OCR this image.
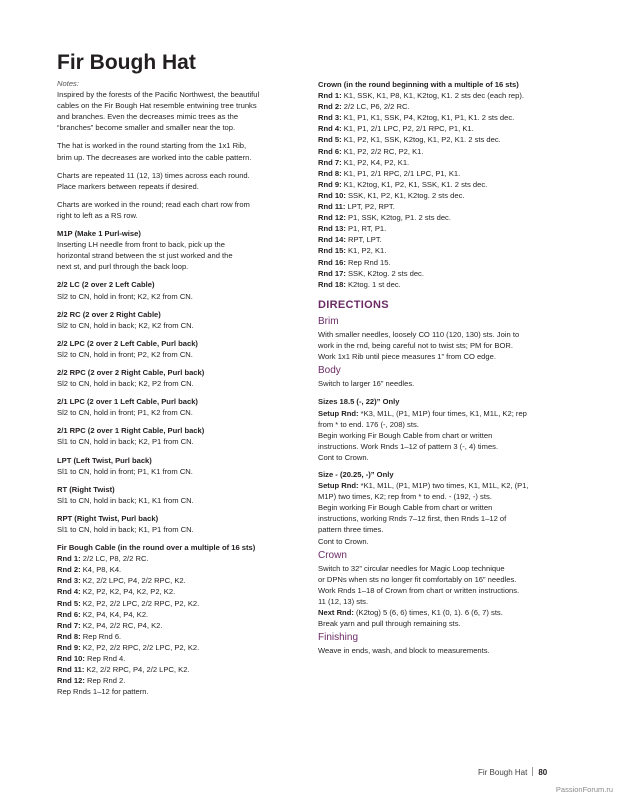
Fir Bough Hat

Notes:

Inspired by the forests of the Pacific Northwest, the beautiful
cables on the Fir Bough Hat resemble entwining tree trunks
and branches. Even the decreases mimic trees as the
“branches” become smaller and smaller near the top.

The hat is worked in the round starting from the 1x1 Rib,
brim up. The decreases are worked into the cable pattern.

Charts are repeated 11 (12, 13) times across each round.
Place markers between repeats if desired.

Charts are worked in the round; read each chart row from
right to left as a RS row.

M1P (Make 1 Purl-wise)
Inserting LH needle from front to back, pick up the
horizontal strand between the st just worked and the
next st, and purl through the back loop.
2/2 LC (2 over 2 Left Cable)
Sl2 to CN, hold in front; K2, K2 from CN.
2/2 RC (2 over 2 Right Cable)
Sl2 to CN, hold in back; K2, K2 from CN.
2/2 LPC (2 over 2 Left Cable, Purl back)
Sl2 to CN, hold in front; P2, K2 from CN.
2/2 RPC (2 over 2 Right Cable, Purl back)
Sl2 to CN, hold in back; K2, P2 from CN.
2/1 LPC (2 over 1 Left Cable, Purl back)
Sl2 to CN, hold in front; P1, K2 from CN.
2/1 RPC (2 over 1 Right Cable, Purl back)
Sl1 to CN, hold in back; K2, P1 from CN.
LPT (Left Twist, Purl back)
Sl1 to CN, hold in front; P1, K1 from CN.
RT (Right Twist)
Sl1 to CN, hold in back; K1, K1 from CN.
RPT (Right Twist, Purl back)
Sl1 to CN, hold in back; K1, P1 from CN.
Fir Bough Cable (in the round over a multiple of 16 sts)
Rnd 1: 2/2 LC, P8, 2/2 RC.
Rnd 2: K4, P8, K4.
Rnd 3: K2, 2/2 LPC, P4, 2/2 RPC, K2.
Rnd 4: K2, P2, K2, P4, K2, P2, K2.
Rnd 5: K2, P2, 2/2 LPC, 2/2 RPC, P2, K2.
Rnd 6: K2, P4, K4, P4, K2.
Rnd 7: K2, P4, 2/2 RC, P4, K2.
Rnd 8: Rep Rnd 6.
Rnd 9: K2, P2, 2/2 RPC, 2/2 LPC, P2, K2.
Rnd 10: Rep Rnd 4.
Rnd 11: K2, 2/2 RPC, P4, 2/2 LPC, K2.
Rnd 12: Rep Rnd 2.
Rep Rnds 1–12 for pattern.
Crown (in the round beginning with a multiple of 16 sts)
Rnd 1: K1, SSK, K1, P8, K1, K2tog, K1. 2 sts dec (each rep).
Rnd 2: 2/2 LC, P6, 2/2 RC.
Rnd 3: K1, P1, K1, SSK, P4, K2tog, K1, P1, K1. 2 sts dec.
Rnd 4: K1, P1, 2/1 LPC, P2, 2/1 RPC, P1, K1.
Rnd 5: K1, P2, K1, SSK, K2tog, K1, P2, K1. 2 sts dec.
Rnd 6: K1, P2, 2/2 RC, P2, K1.
Rnd 7: K1, P2, K4, P2, K1.
Rnd 8: K1, P1, 2/1 RPC, 2/1 LPC, P1, K1.
Rnd 9: K1, K2tog, K1, P2, K1, SSK, K1. 2 sts dec.
Rnd 10: SSK, K1, P2, K1, K2tog. 2 sts dec.
Rnd 11: LPT, P2, RPT.
Rnd 12: P1, SSK, K2tog, P1. 2 sts dec.
Rnd 13: P1, RT, P1.
Rnd 14: RPT, LPT.
Rnd 15: K1, P2, K1.
Rnd 16: Rep Rnd 15.
Rnd 17: SSK, K2tog. 2 sts dec.
Rnd 18: K2tog. 1 st dec.
DIRECTIONS
Brim
With smaller needles, loosely CO 110 (120, 130) sts. Join to
work in the rnd, being careful not to twist sts; PM for BOR.
Work 1x1 Rib until piece measures 1” from CO edge.
Body

Switch to larger 16” needles.

Sizes 18.5 (-, 22)” Only
Setup Rnd: *K3, M1L, (P1, M1P) four times, K1, M1L, K2; rep
from * to end. 176 (-, 208) sts.
Begin working Fir Bough Cable from chart or written
instructions. Work Rnds 1–12 of pattern 3 (-, 4) times.
Cont to Crown.
Size - (20.25, -)” Only
Setup Rnd: *K1, M1L, (P1, M1P) two times, K1, M1L, K2, (P1,
M1P) two times, K2; rep from * to end. - (192, -) sts.
Begin working Fir Bough Cable from chart or written
instructions, working Rnds 7–12 first, then Rnds 1–12 of
pattern three times.
Cont to Crown.
Crown
Switch to 32” circular needles for Magic Loop technique
or DPNs when sts no longer fit comfortably on 16” needles.
Work Rnds 1–18 of Crown from chart or written instructions.
11 (12, 13) sts.
Next Rnd: (K2tog) 5 (6, 6) times, K1 (0, 1). 6 (6, 7) sts.
Break yarn and pull through remaining sts.
Finishing
Weave in ends, wash, and block to measurements.
Fir Bough Hat 80
PassionForum.ru
